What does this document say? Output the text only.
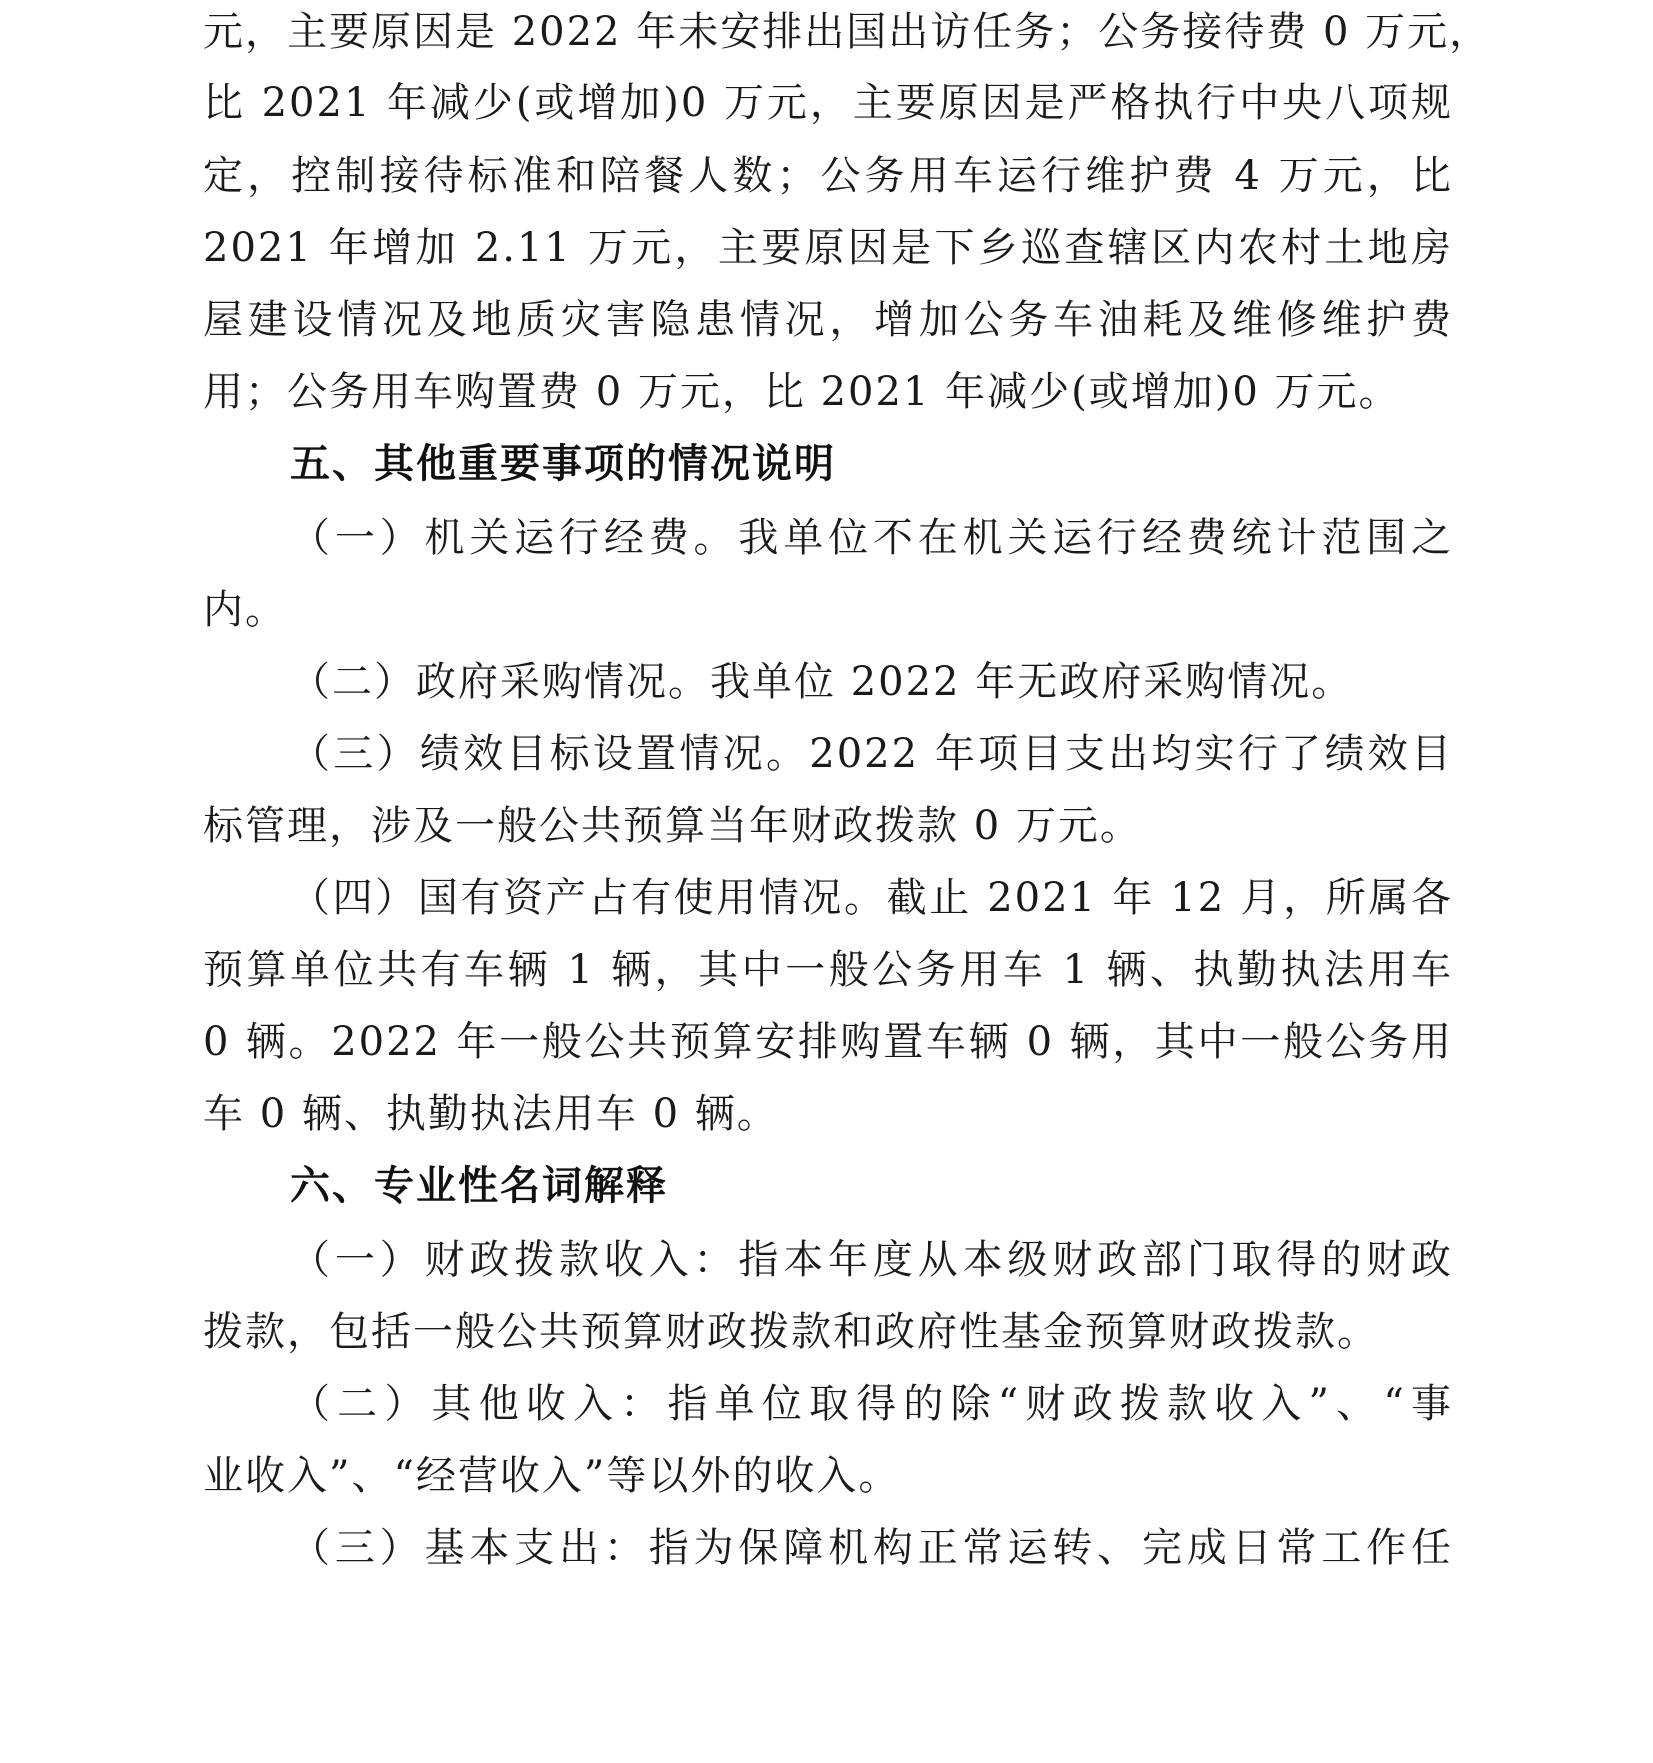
元，主要原因是 2022 年未安排出国出访任务；公务接待费 0 万元，
比 2021 年减少(或增加)0 万元，主要原因是严格执行中央八项规
定，控制接待标准和陪餐人数；公务用车运行维护费 4 万元，比
2021 年增加 2.11 万元，主要原因是下乡巡查辖区内农村土地房
屋建设情况及地质灾害隐患情况，增加公务车油耗及维修维护费
用；公务用车购置费 0 万元，比 2021 年减少(或增加)0 万元。
五、其他重要事项的情况说明
（一）机关运行经费。我单位不在机关运行经费统计范围之
内。
（二）政府采购情况。我单位 2022 年无政府采购情况。
（三）绩效目标设置情况。2022 年项目支出均实行了绩效目
标管理，涉及一般公共预算当年财政拨款 0 万元。
（四）国有资产占有使用情况。截止 2021 年 12 月，所属各
预算单位共有车辆 1 辆，其中一般公务用车 1 辆、执勤执法用车
0 辆。2022 年一般公共预算安排购置车辆 0 辆，其中一般公务用
车 0 辆、执勤执法用车 0 辆。
六、专业性名词解释
（一）财政拨款收入：指本年度从本级财政部门取得的财政
拨款，包括一般公共预算财政拨款和政府性基金预算财政拨款。
（二）其他收入：指单位取得的除“财政拨款收入”、“事
业收入”、“经营收入”等以外的收入。
（三）基本支出：指为保障机构正常运转、完成日常工作任
